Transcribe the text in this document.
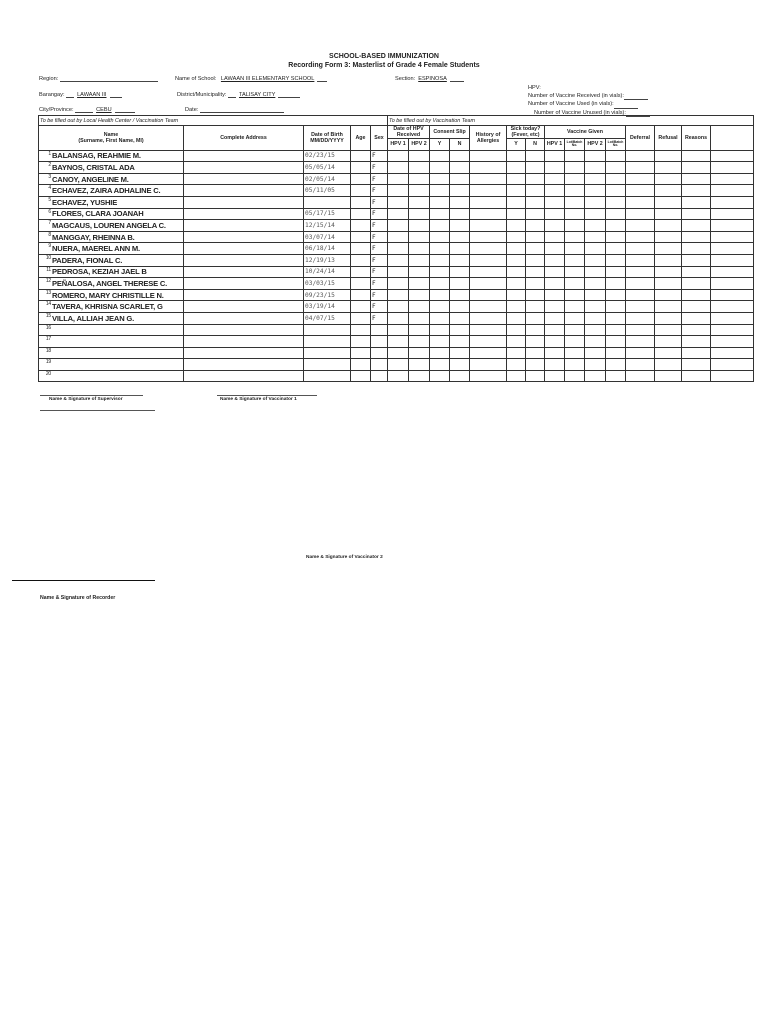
SCHOOL-BASED IMMUNIZATION
Recording Form 3: Masterlist of Grade 4 Female Students
Region:	Name of School: LAWAAN III ELEMENTARY SCHOOL	Section: ESPINOSA
Barangay: LAWAAN III	District/Municipality: TALISAY CITY
City/Province:	CEBU	Date:
HPV:
Number of Vaccine Received (in vials):
Number of Vaccine Used (in vials):
Number of Vaccine Unused (in vials):
To be filled out by Local Health Center / Vaccination Team					To be filled out by Vaccination Team														
Name
(Surname, First Name, MI)	Complete Address	Date of Birth
MM/DD/YYYY	Age	Sex	Date of HPV Received		Consent Slip		History of Allergies	Sick today? (Fever, etc)		Vaccine Given				Deferral	Refusal	Reasons	
					HPV 1	HPV 2	Y	N		Y	N	HPV 1	Lot/Batch No.	HPV 2	Lot/Batch No.				

1 BALANSAG, REAHMIE M.		02/23/15		F															

2 BAYNOS, CRISTAL ADA		05/05/14		F															

3 CANOY, ANGELINE M.		02/05/14		F															

4 ECHAVEZ, ZAIRA ADHALINE C.		05/11/05		F															

5 ECHAVEZ, YUSHIE				F															

6 FLORES, CLARA JOANAH		05/17/15		F															

7 MAGCAUS, LOUREN ANGELA C.		12/15/14		F															

8 MANGGAY, RHEINNA B.		03/07/14		F															

9 NUERA, MAEREL ANN M.		06/18/14		F															

10 PADERA, FIONAL C.		12/19/13		F															

11 PEDROSA, KEZIAH JAEL B		10/24/14		F															

12 PEÑALOSA, ANGEL THERESE C.		03/03/15		F															

13 ROMERO, MARY CHRISTILLE N.		09/23/15		F															

14 TAVERA, KHRISNA SCARLET, G		03/19/14		F															

15 VILLA, ALLIAH JEAN G.		04/07/15		F															

16																			

17																			

18																			

19																			

20																			

Name & Signature of Supervisor	Name & Signature of Vaccinator 1
Name & Signature of Vaccinator 2
Name & Signature of Recorder
